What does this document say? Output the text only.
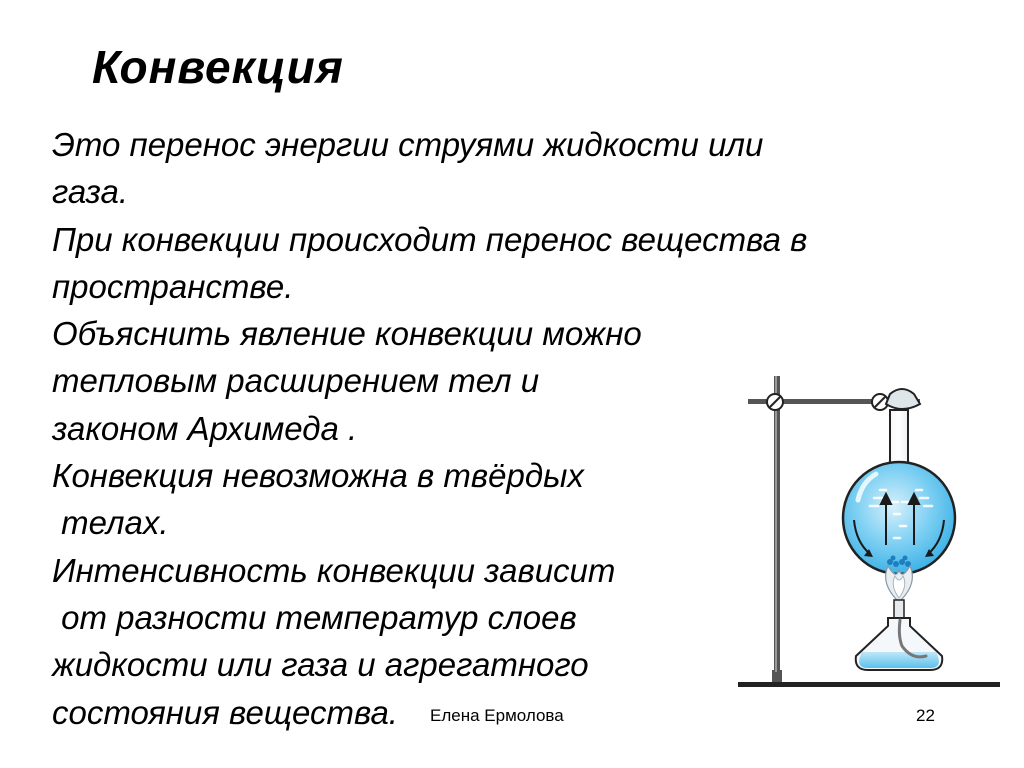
Конвекция
Это перенос энергии струями жидкости или
газа.
При конвекции происходит перенос вещества в
пространстве.
Объяснить явление конвекции можно
тепловым расширением тел и
законом Архимеда .
Конвекция невозможна в твёрдых
телах.
Интенсивность конвекции зависит
от разности температур слоев
жидкости или газа и агрегатного
состояния вещества.	Елена Ермолова	22
